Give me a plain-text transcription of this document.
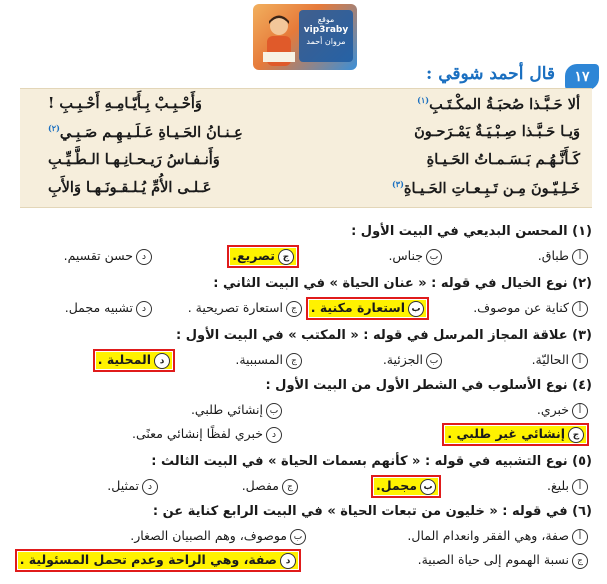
موقع
vip3raby
مروان أحمد
١٧
قال أحمد شوقي :
ألا حَـبَّـذا صُحبَـةُ المكْـتَـبِ$^{(١)}$
وَأَحْـبِـبْ بِـأَيّـامِـهِ أَحْـبِـبِ !
وَيـا حَـبَّـذا صِـبْـيَـةٌ يَمْـرَحـونَ
عِـنـانُ الحَـيـاةِ عَـلَـيـهِـم صَـبِـي$^{(٢)}$
كَـأَنَّـهُـم بَـسَـمـاتُ الحَـيـاةِ
وَأَنـفـاسُ رَيـحـانِـهـا الـطَّـيِّـبِ
خَـلِـيّـونَ مِـن تَـبِـعـاتِ الحَـيـاةِ$^{(٣)}$
عَـلـى الأُمِّ يُـلـقـونَـهـا وَالأَبِ
(١) المحسن البديعي في البيت الأول :
أطباق.
بجناس.
جتصريع.
دحسن تقسيم.
(٢) نوع الخيال في قوله : « عنان الحياة » في البيت الثاني :
أكناية عن موصوف.
باستعارة مكنية .
جاستعارة تصريحية .
دتشبيه مجمل.
(٣) علاقة المجاز المرسل في قوله : « المكتب » في البيت الأول :
أالحاليّة.
بالجزئية.
جالمسببية.
دالمحلية .
(٤) نوع الأسلوب في الشطر الأول من البيت الأول :
أخبري.
بإنشائي طلبي.
جإنشائي غير طلبي .
دخبري لفظًا إنشائي معنًى.
(٥) نوع التشبيه في قوله : « كأنهم بسمات الحياة » في البيت الثالث :
أبليغ.
بمجمل.
جمفصل.
دتمثيل.
(٦) في قوله : « خليون من تبعات الحياة » في البيت الرابع كناية عن :
أصفة، وهي الفقر وانعدام المال.
بموصوف، وهم الصبيان الصغار.
جنسبة الهموم إلى حياة الصبية.
دصفة، وهي الراحة وعدم تحمل المسئولية .
